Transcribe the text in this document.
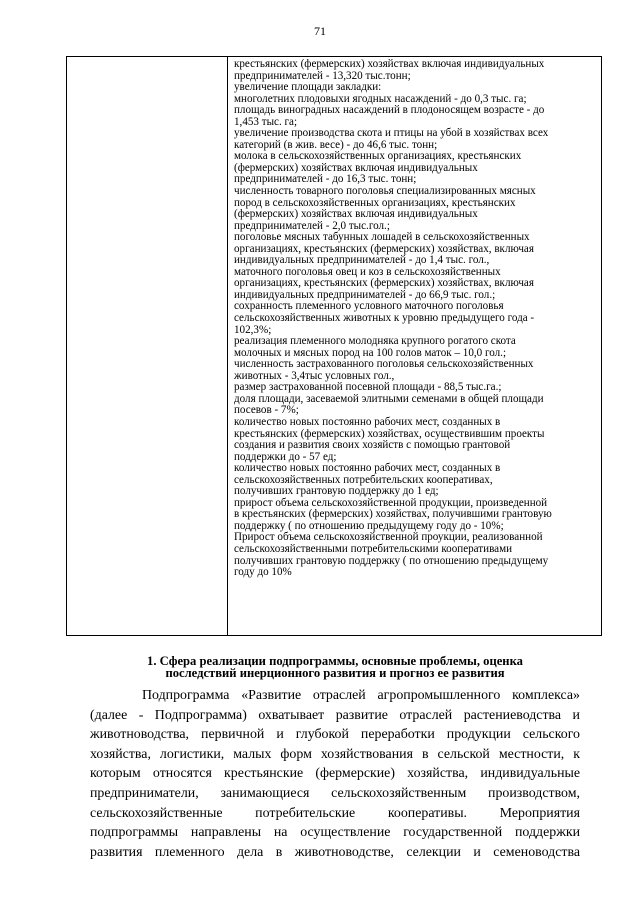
71

крестьянских (фермерских) хозяйствах включая индивидуальных
предпринимателей - 13,320 тыс.тонн;
увеличение площади закладки:
многолетних плодовыхи ягодных насаждений - до 0,3 тыс. га;
площадь виноградных насаждений в плодоносящем возрасте - до
1,453 тыс. га;
увеличение производства скота и птицы на убой в хозяйствах всех
категорий (в жив. весе) - до 46,6 тыс. тонн;
молока в сельскохозяйственных организациях, крестьянских
(фермерских) хозяйствах включая индивидуальных
предпринимателей - до 16,3 тыс. тонн;
численность товарного поголовья специализированных мясных
пород в сельскохозяйственных организациях, крестьянских
(фермерских) хозяйствах включая индивидуальных
предпринимателей - 2,0 тыс.гол.;
поголовье мясных табунных лошадей в сельскохозяйственных
организациях, крестьянских (фермерских) хозяйствах, включая
индивидуальных предпринимателей - до 1,4 тыс. гол.,
маточного поголовья овец и коз в сельскохозяйственных
организациях, крестьянских (фермерских) хозяйствах, включая
индивидуальных предпринимателей - до 66,9 тыс. гол.;
сохранность племенного условного маточного поголовья
сельскохозяйственных животных к уровню предыдущего года -
102,3%;
реализация племенного молодняка крупного рогатого скота
молочных и мясных пород на 100 голов маток – 10,0 гол.;
численность застрахованного поголовья сельскохозяйственных
животных - 3,4тыс условных гол.,
размер застрахованной посевной площади - 88,5 тыс.га.;
доля площади, засеваемой элитными семенами в общей площади
посевов - 7%;
количество новых постоянно рабочих мест, созданных в
крестьянских (фермерских) хозяйствах, осуществившим проекты
создания и развития своих хозяйств с помощью грантовой
поддержки до - 57 ед;
количество новых постоянно рабочих мест, созданных в
сельскохозяйственных потребительских кооперативах,
получивших грантовую поддержку до 1 ед;
прирост объема сельскохозяйственной продукции, произведенной
в крестьянских (фермерских) хозяйствах, получившими грантовую
поддержку ( по отношению предыдущему году до - 10%;
Прирост объема сельскохозяйственной проукции, реализованной
сельскохозяйственными потребительскими кооперативами
получивших грантовую поддержку ( по отношению предыдущему
году до 10%
1. Сфера реализации подпрограммы, основные проблемы, оценка
последствий инерционного развития и прогноз ее развития
Подпрограмма «Развитие отраслей агропромышленного комплекса»
(далее - Подпрограмма) охватывает развитие отраслей растениеводства и
животноводства, первичной и глубокой переработки продукции сельского
хозяйства, логистики, малых форм хозяйствования в сельской местности, к
которым относятся крестьянские (фермерские) хозяйства, индивидуальные
предприниматели, занимающиеся сельскохозяйственным производством,
сельскохозяйственные потребительские кооперативы. Мероприятия
подпрограммы направлены на осуществление государственной поддержки
развития племенного дела в животноводстве, селекции и семеноводства
